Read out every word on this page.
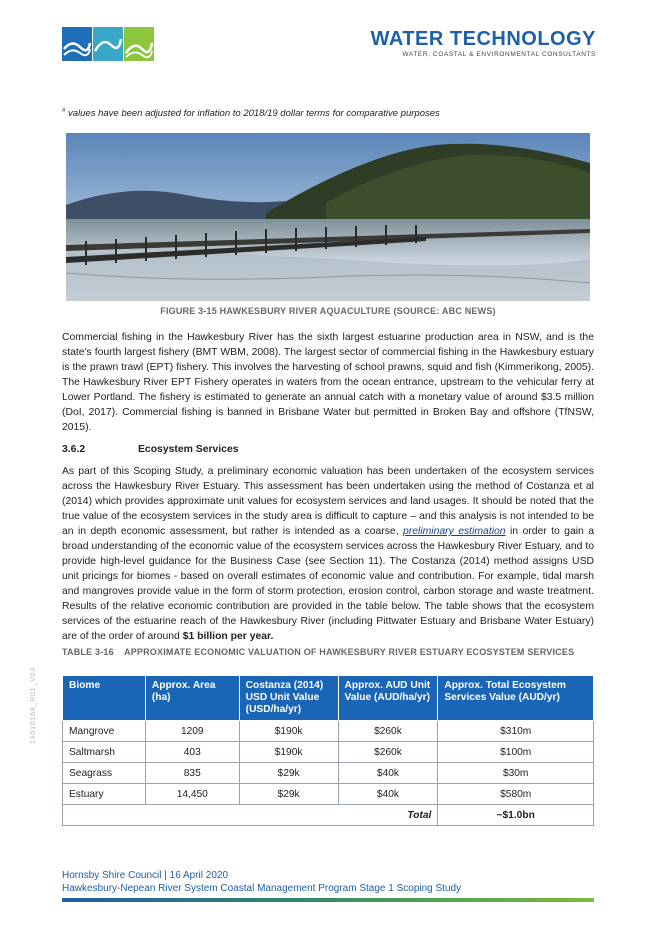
WATER TECHNOLOGY
WATER, COASTAL & ENVIRONMENTAL CONSULTANTS
# values have been adjusted for inflation to 2018/19 dollar terms for comparative purposes
FIGURE 3-15 HAWKESBURY RIVER AQUACULTURE (SOURCE: ABC NEWS)
Commercial fishing in the Hawkesbury River has the sixth largest estuarine production area in NSW, and is the state's fourth largest fishery (BMT WBM, 2008). The largest sector of commercial fishing in the Hawkesbury estuary is the prawn trawl (EPT) fishery. This involves the harvesting of school prawns, squid and fish (Kimmerikong, 2005). The Hawkesbury River EPT Fishery operates in waters from the ocean entrance, upstream to the vehicular ferry at Lower Portland. The fishery is estimated to generate an annual catch with a monetary value of around $3.5 million (DoI, 2017). Commercial fishing is banned in Brisbane Water but permitted in Broken Bay and offshore (TfNSW, 2015).
3.6.2	Ecosystem Services
As part of this Scoping Study, a preliminary economic valuation has been undertaken of the ecosystem services across the Hawkesbury River Estuary. This assessment has been undertaken using the method of Costanza et al (2014) which provides approximate unit values for ecosystem services and land usages. It should be noted that the true value of the ecosystem services in the study area is difficult to capture – and this analysis is not intended to be an in depth economic assessment, but rather is intended as a coarse, preliminary estimation in order to gain a broad understanding of the economic value of the ecosystem services across the Hawkesbury River Estuary, and to provide high-level guidance for the Business Case (see Section 11). The Costanza (2014) method assigns USD unit pricings for biomes - based on overall estimates of economic value and contribution. For example, tidal marsh and mangroves provide value in the form of storm protection, erosion control, carbon storage and waste treatment. Results of the relative economic contribution are provided in the table below. The table shows that the ecosystem services of the estuarine reach of the Hawkesbury River (including Pittwater Estuary and Brisbane Water Estuary) are of the order of around $1 billion per year.
TABLE 3-16 APPROXIMATE ECONOMIC VALUATION OF HAWKESBURY RIVER ESTUARY ECOSYSTEM SERVICES
Biome	Approx. Area (ha)	Costanza (2014) USD Unit Value (USD/ha/yr)	Approx. AUD Unit Value (AUD/ha/yr)	Approx. Total Ecosystem Services Value (AUD/yr)
Mangrove	1209	$190k	$260k	$310m
Saltmarsh	403	$190k	$260k	$100m
Seagrass	835	$29k	$40k	$30m
Estuary	14,450	$29k	$40k	$580m
Total				~$1.0bn
19010168_R01_V03
Hornsby Shire Council | 16 April 2020
Hawkesbury-Nepean River System Coastal Management Program Stage 1 Scoping Study
